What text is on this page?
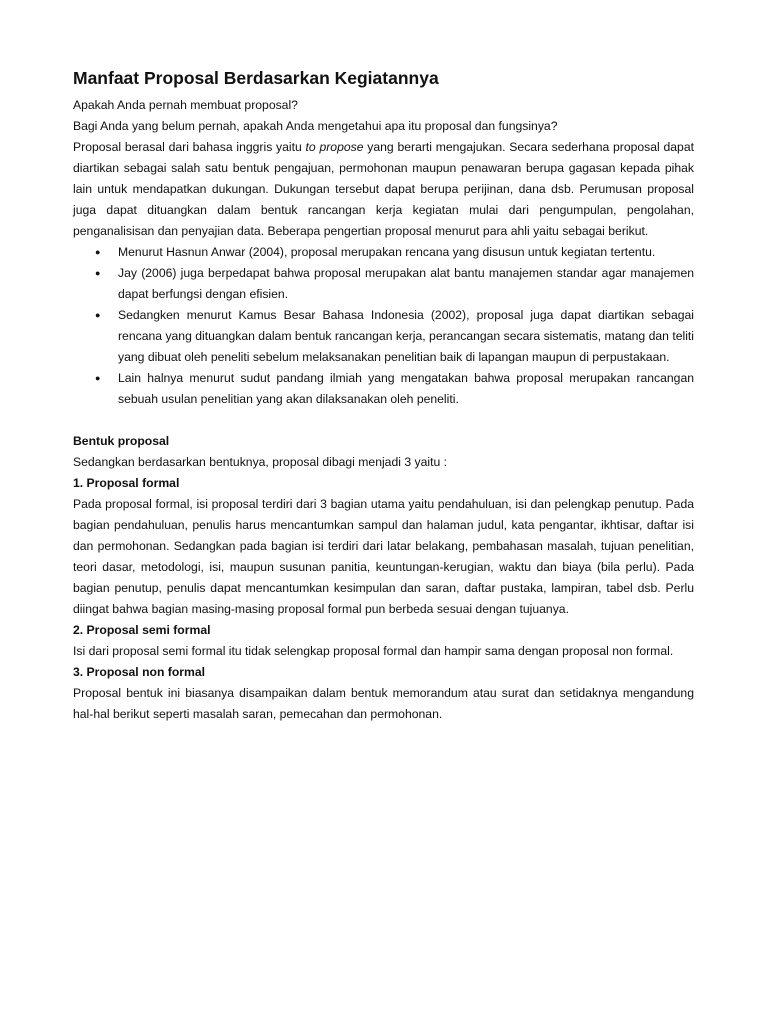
Manfaat Proposal Berdasarkan Kegiatannya

Apakah Anda pernah membuat proposal?

Bagi Anda yang belum pernah, apakah Anda mengetahui apa itu proposal dan fungsinya?

Proposal berasal dari bahasa inggris yaitu to propose yang berarti mengajukan. Secara sederhana proposal dapat diartikan sebagai salah satu bentuk pengajuan, permohonan maupun penawaran berupa gagasan kepada pihak lain untuk mendapatkan dukungan. Dukungan tersebut dapat berupa perijinan, dana dsb. Perumusan proposal juga dapat dituangkan dalam bentuk rancangan kerja kegiatan mulai dari pengumpulan, pengolahan, penganalisisan dan penyajian data. Beberapa pengertian proposal menurut para ahli yaitu sebagai berikut.

● Menurut Hasnun Anwar (2004), proposal merupakan rencana yang disusun untuk kegiatan tertentu.
● Jay (2006) juga berpedapat bahwa proposal merupakan alat bantu manajemen standar agar manajemen dapat berfungsi dengan efisien.
● Sedangken menurut Kamus Besar Bahasa Indonesia (2002), proposal juga dapat diartikan sebagai rencana yang dituangkan dalam bentuk rancangan kerja, perancangan secara sistematis, matang dan teliti yang dibuat oleh peneliti sebelum melaksanakan penelitian baik di lapangan maupun di perpustakaan.
● Lain halnya menurut sudut pandang ilmiah yang mengatakan bahwa proposal merupakan rancangan sebuah usulan penelitian yang akan dilaksanakan oleh peneliti.

Bentuk proposal

Sedangkan berdasarkan bentuknya, proposal dibagi menjadi 3 yaitu :

1. Proposal formal

Pada proposal formal, isi proposal terdiri dari 3 bagian utama yaitu pendahuluan, isi dan pelengkap penutup. Pada bagian pendahuluan, penulis harus mencantumkan sampul dan halaman judul, kata pengantar, ikhtisar, daftar isi dan permohonan. Sedangkan pada bagian isi terdiri dari latar belakang, pembahasan masalah, tujuan penelitian, teori dasar, metodologi, isi, maupun susunan panitia, keuntungan-kerugian, waktu dan biaya (bila perlu). Pada bagian penutup, penulis dapat mencantumkan kesimpulan dan saran, daftar pustaka, lampiran, tabel dsb. Perlu diingat bahwa bagian masing-masing proposal formal pun berbeda sesuai dengan tujuanya.

2. Proposal semi formal

Isi dari proposal semi formal itu tidak selengkap proposal formal dan hampir sama dengan proposal non formal.

3. Proposal non formal

Proposal bentuk ini biasanya disampaikan dalam bentuk memorandum atau surat dan setidaknya mengandung hal-hal berikut seperti masalah saran, pemecahan dan permohonan.
